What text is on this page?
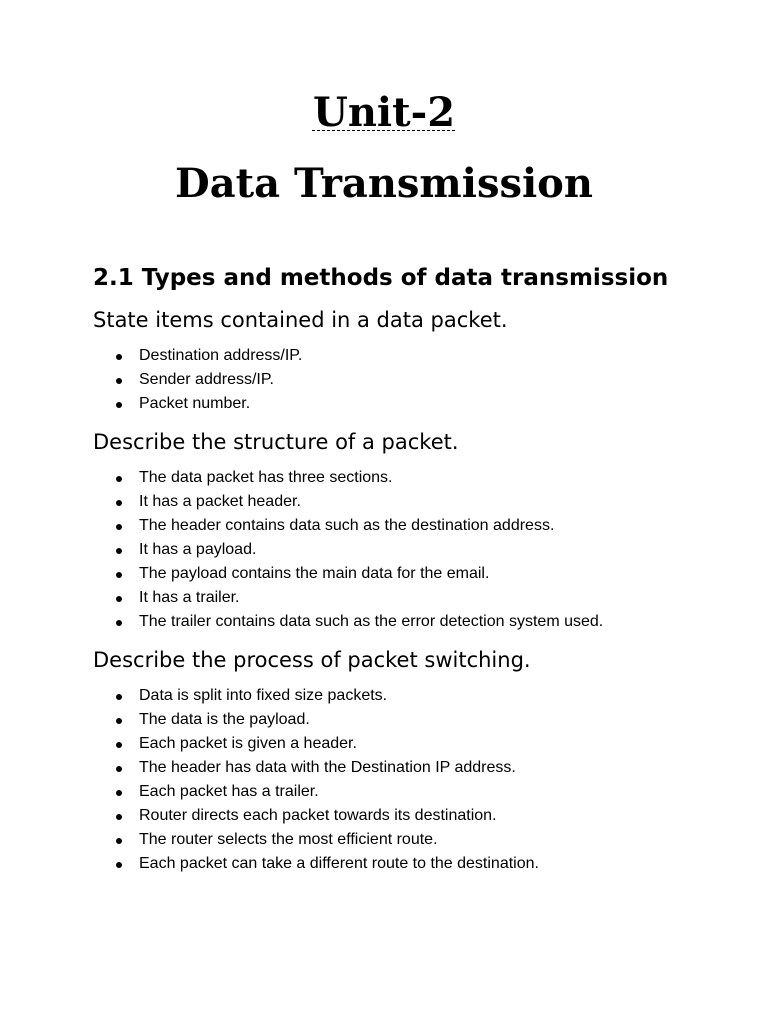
Unit-2
Data Transmission
2.1 Types and methods of data transmission
State items contained in a data packet.
Destination address/IP.
Sender address/IP.
Packet number.
Describe the structure of a packet.
The data packet has three sections.
It has a packet header.
The header contains data such as the destination address.
It has a payload.
The payload contains the main data for the email.
It has a trailer.
The trailer contains data such as the error detection system used.
Describe the process of packet switching.
Data is split into fixed size packets.
The data is the payload.
Each packet is given a header.
The header has data with the Destination IP address.
Each packet has a trailer.
Router directs each packet towards its destination.
The router selects the most efficient route.
Each packet can take a different route to the destination.
